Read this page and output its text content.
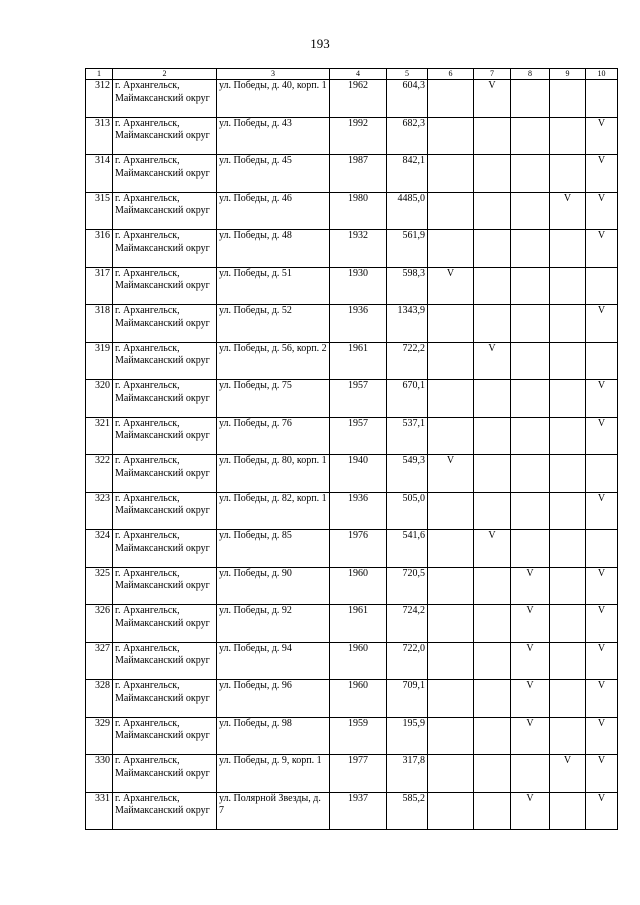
193
1	2	3	4	5	6	7	8	9	10
312	г. Архангельск, Маймаксанский округ	ул. Победы, д. 40, корп. 1	1962	604,3		V			
313	г. Архангельск, Маймаксанский округ	ул. Победы, д. 43	1992	682,3					V
314	г. Архангельск, Маймаксанский округ	ул. Победы, д. 45	1987	842,1					V
315	г. Архангельск, Маймаксанский округ	ул. Победы, д. 46	1980	4485,0				V	V
316	г. Архангельск, Маймаксанский округ	ул. Победы, д. 48	1932	561,9					V
317	г. Архангельск, Маймаксанский округ	ул. Победы, д. 51	1930	598,3	V				
318	г. Архангельск, Маймаксанский округ	ул. Победы, д. 52	1936	1343,9					V
319	г. Архангельск, Маймаксанский округ	ул. Победы, д. 56, корп. 2	1961	722,2		V			
320	г. Архангельск, Маймаксанский округ	ул. Победы, д. 75	1957	670,1					V
321	г. Архангельск, Маймаксанский округ	ул. Победы, д. 76	1957	537,1					V
322	г. Архангельск, Маймаксанский округ	ул. Победы, д. 80, корп. 1	1940	549,3	V				
323	г. Архангельск, Маймаксанский округ	ул. Победы, д. 82, корп. 1	1936	505,0					V
324	г. Архангельск, Маймаксанский округ	ул. Победы, д. 85	1976	541,6		V			
325	г. Архангельск, Маймаксанский округ	ул. Победы, д. 90	1960	720,5			V		V
326	г. Архангельск, Маймаксанский округ	ул. Победы, д. 92	1961	724,2			V		V
327	г. Архангельск, Маймаксанский округ	ул. Победы, д. 94	1960	722,0			V		V
328	г. Архангельск, Маймаксанский округ	ул. Победы, д. 96	1960	709,1			V		V
329	г. Архангельск, Маймаксанский округ	ул. Победы, д. 98	1959	195,9			V		V
330	г. Архангельск, Маймаксанский округ	ул. Победы, д. 9, корп. 1	1977	317,8				V	V
331	г. Архангельск, Маймаксанский округ	ул. Полярной Звезды, д. 7	1937	585,2			V		V
